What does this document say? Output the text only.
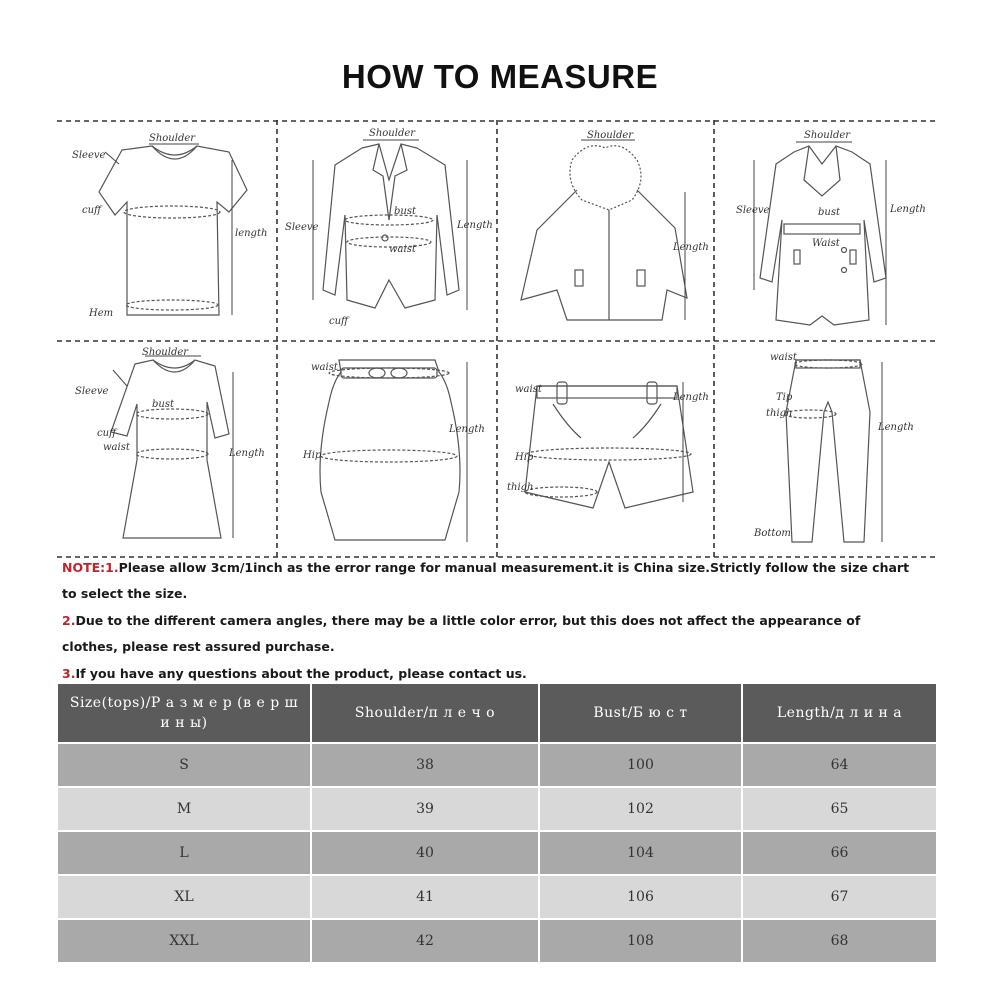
HOW TO MEASURE
Shoulder
Sleeve
cuff
length
Hem
Shoulder
Sleeve
bust
waist
Length
cuff
Shoulder
Length
Shoulder
Sleeve	bust
Waist
Length
Shoulder
Sleeve
bust
cuff
waist
Length
waist
Hip
Length
waist
Length
Hip
thigh
waist
Tip
thigh
Length
Bottom
NOTE:1.Please allow 3cm/1inch as the error range for manual measurement.it is China size.Strictly follow the size chart
to select the size.
2.Due to the different camera angles, there may be a little color error, but this does not affect the appearance of
clothes, please rest assured purchase.
3.If you have any questions about the product, please contact us.
Size(tops)/Р а з м е р (в е р ш и н ы)	Shoulder/п л е ч о	Bust/Б ю с т	Length/д л и н а
S	38	100	64
M	39	102	65
L	40	104	66
XL	41	106	67
XXL	42	108	68
